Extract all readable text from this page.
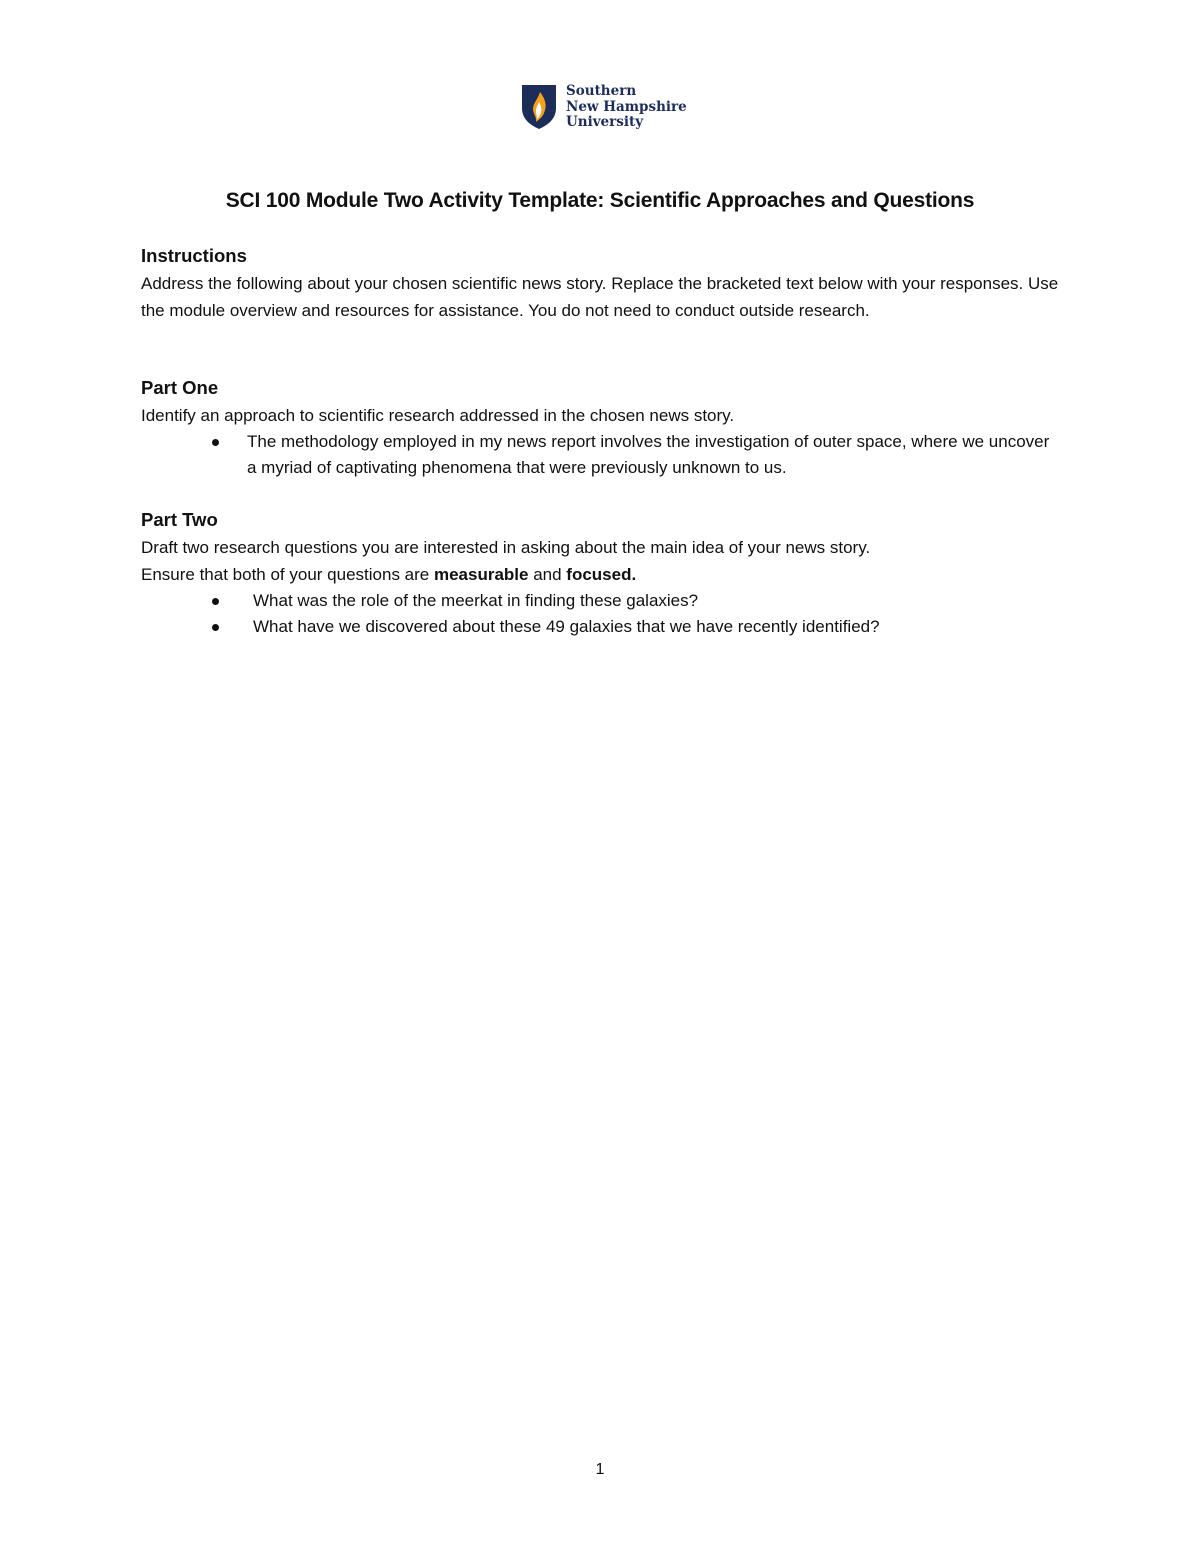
Southern
New Hampshire
University
SCI 100 Module Two Activity Template: Scientific Approaches and Questions
Instructions

Address the following about your chosen scientific news story. Replace the bracketed text below with your responses. Use the module overview and resources for assistance. You do not need to conduct outside research.

Part One

Identify an approach to scientific research addressed in the chosen news story.

The methodology employed in my news report involves the investigation of outer space, where we uncover a myriad of captivating phenomena that were previously unknown to us.
Part Two

Draft two research questions you are interested in asking about the main idea of your news story.

Ensure that both of your questions are measurable and focused.

What was the role of the meerkat in finding these galaxies?
What have we discovered about these 49 galaxies that we have recently identified?
1
